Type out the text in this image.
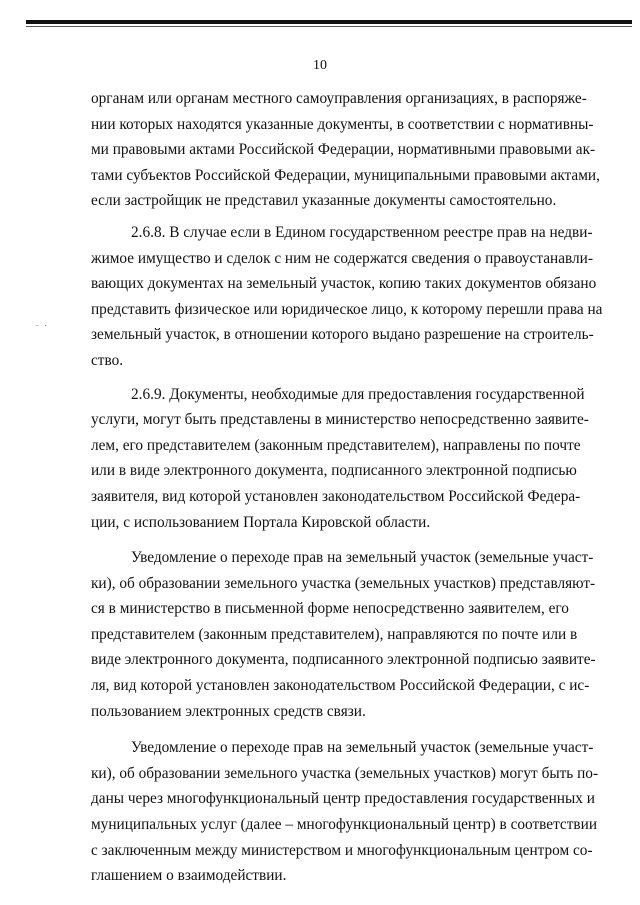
10
. .

органам или органам местного самоуправления организациях, в распоряже-
нии которых находятся указанные документы, в соответствии с нормативны-
ми правовыми актами Российской Федерации, нормативными правовыми ак-
тами субъектов Российской Федерации, муниципальными правовыми актами,
если застройщик не представил указанные документы самостоятельно.

2.6.8. В случае если в Едином государственном реестре прав на недви-
жимое имущество и сделок с ним не содержатся сведения о правоустанавли-
вающих документах на земельный участок, копию таких документов обязано
представить физическое или юридическое лицо, к которому перешли права на
земельный участок, в отношении которого выдано разрешение на строитель-
ство.

2.6.9. Документы, необходимые для предоставления государственной
услуги, могут быть представлены в министерство непосредственно заявите-
лем, его представителем (законным представителем), направлены по почте
или в виде электронного документа, подписанного электронной подписью
заявителя, вид которой установлен законодательством Российской Федера-
ции, с использованием Портала Кировской области.

Уведомление о переходе прав на земельный участок (земельные участ-
ки), об образовании земельного участка (земельных участков) представляют-
ся в министерство в письменной форме непосредственно заявителем, его
представителем (законным представителем), направляются по почте или в
виде электронного документа, подписанного электронной подписью заявите-
ля, вид которой установлен законодательством Российской Федерации, с ис-
пользованием электронных средств связи.

Уведомление о переходе прав на земельный участок (земельные участ-
ки), об образовании земельного участка (земельных участков) могут быть по-
даны через многофункциональный центр предоставления государственных и
муниципальных услуг (далее – многофункциональный центр) в соответствии
с заключенным между министерством и многофункциональным центром со-
глашением о взаимодействии.
